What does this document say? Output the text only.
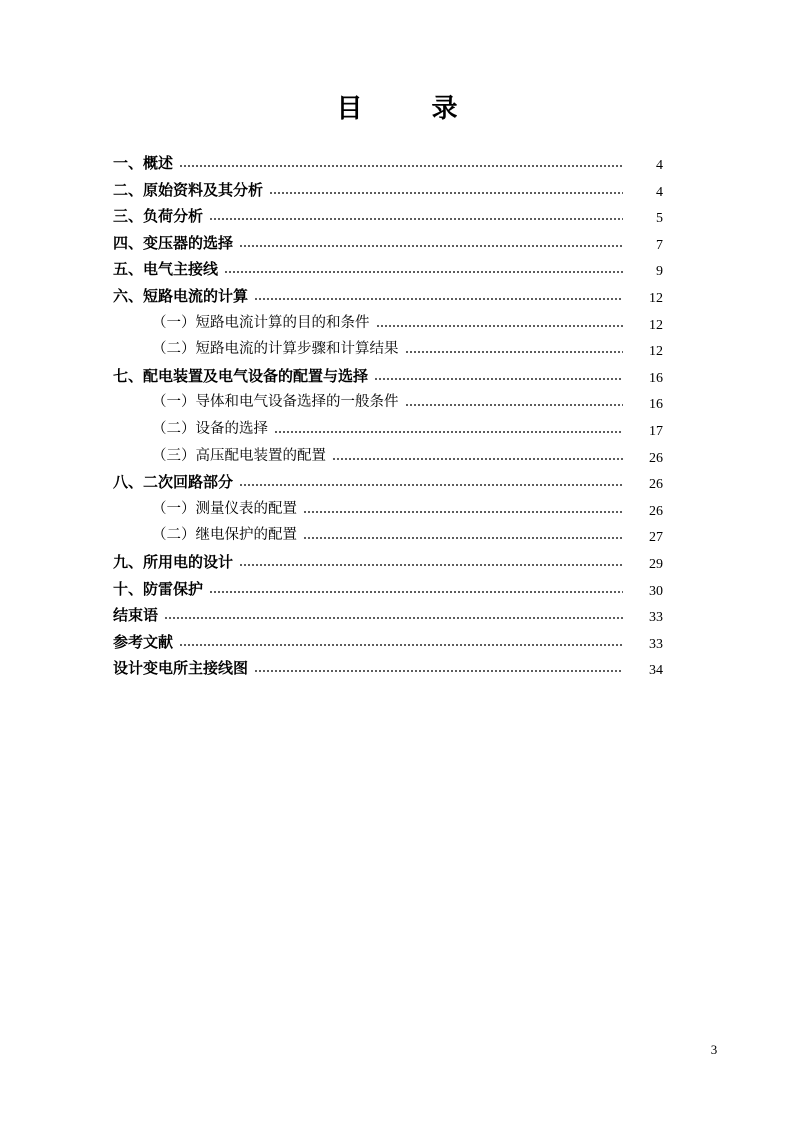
目 录
一、概述	4
二、原始资料及其分析	4
三、负荷分析	5
四、变压器的选择	7
五、电气主接线	9
六、短路电流的计算	12
（一）短路电流计算的目的和条件	12
（二）短路电流的计算步骤和计算结果	12
七、配电装置及电气设备的配置与选择	16
（一）导体和电气设备选择的一般条件	16
（二）设备的选择	17
（三）高压配电装置的配置	26
八、二次回路部分	26
（一）测量仪表的配置	26
（二）继电保护的配置	27
九、所用电的设计	29
十、防雷保护	30
结束语	33
参考文献	33
设计变电所主接线图	34
3
